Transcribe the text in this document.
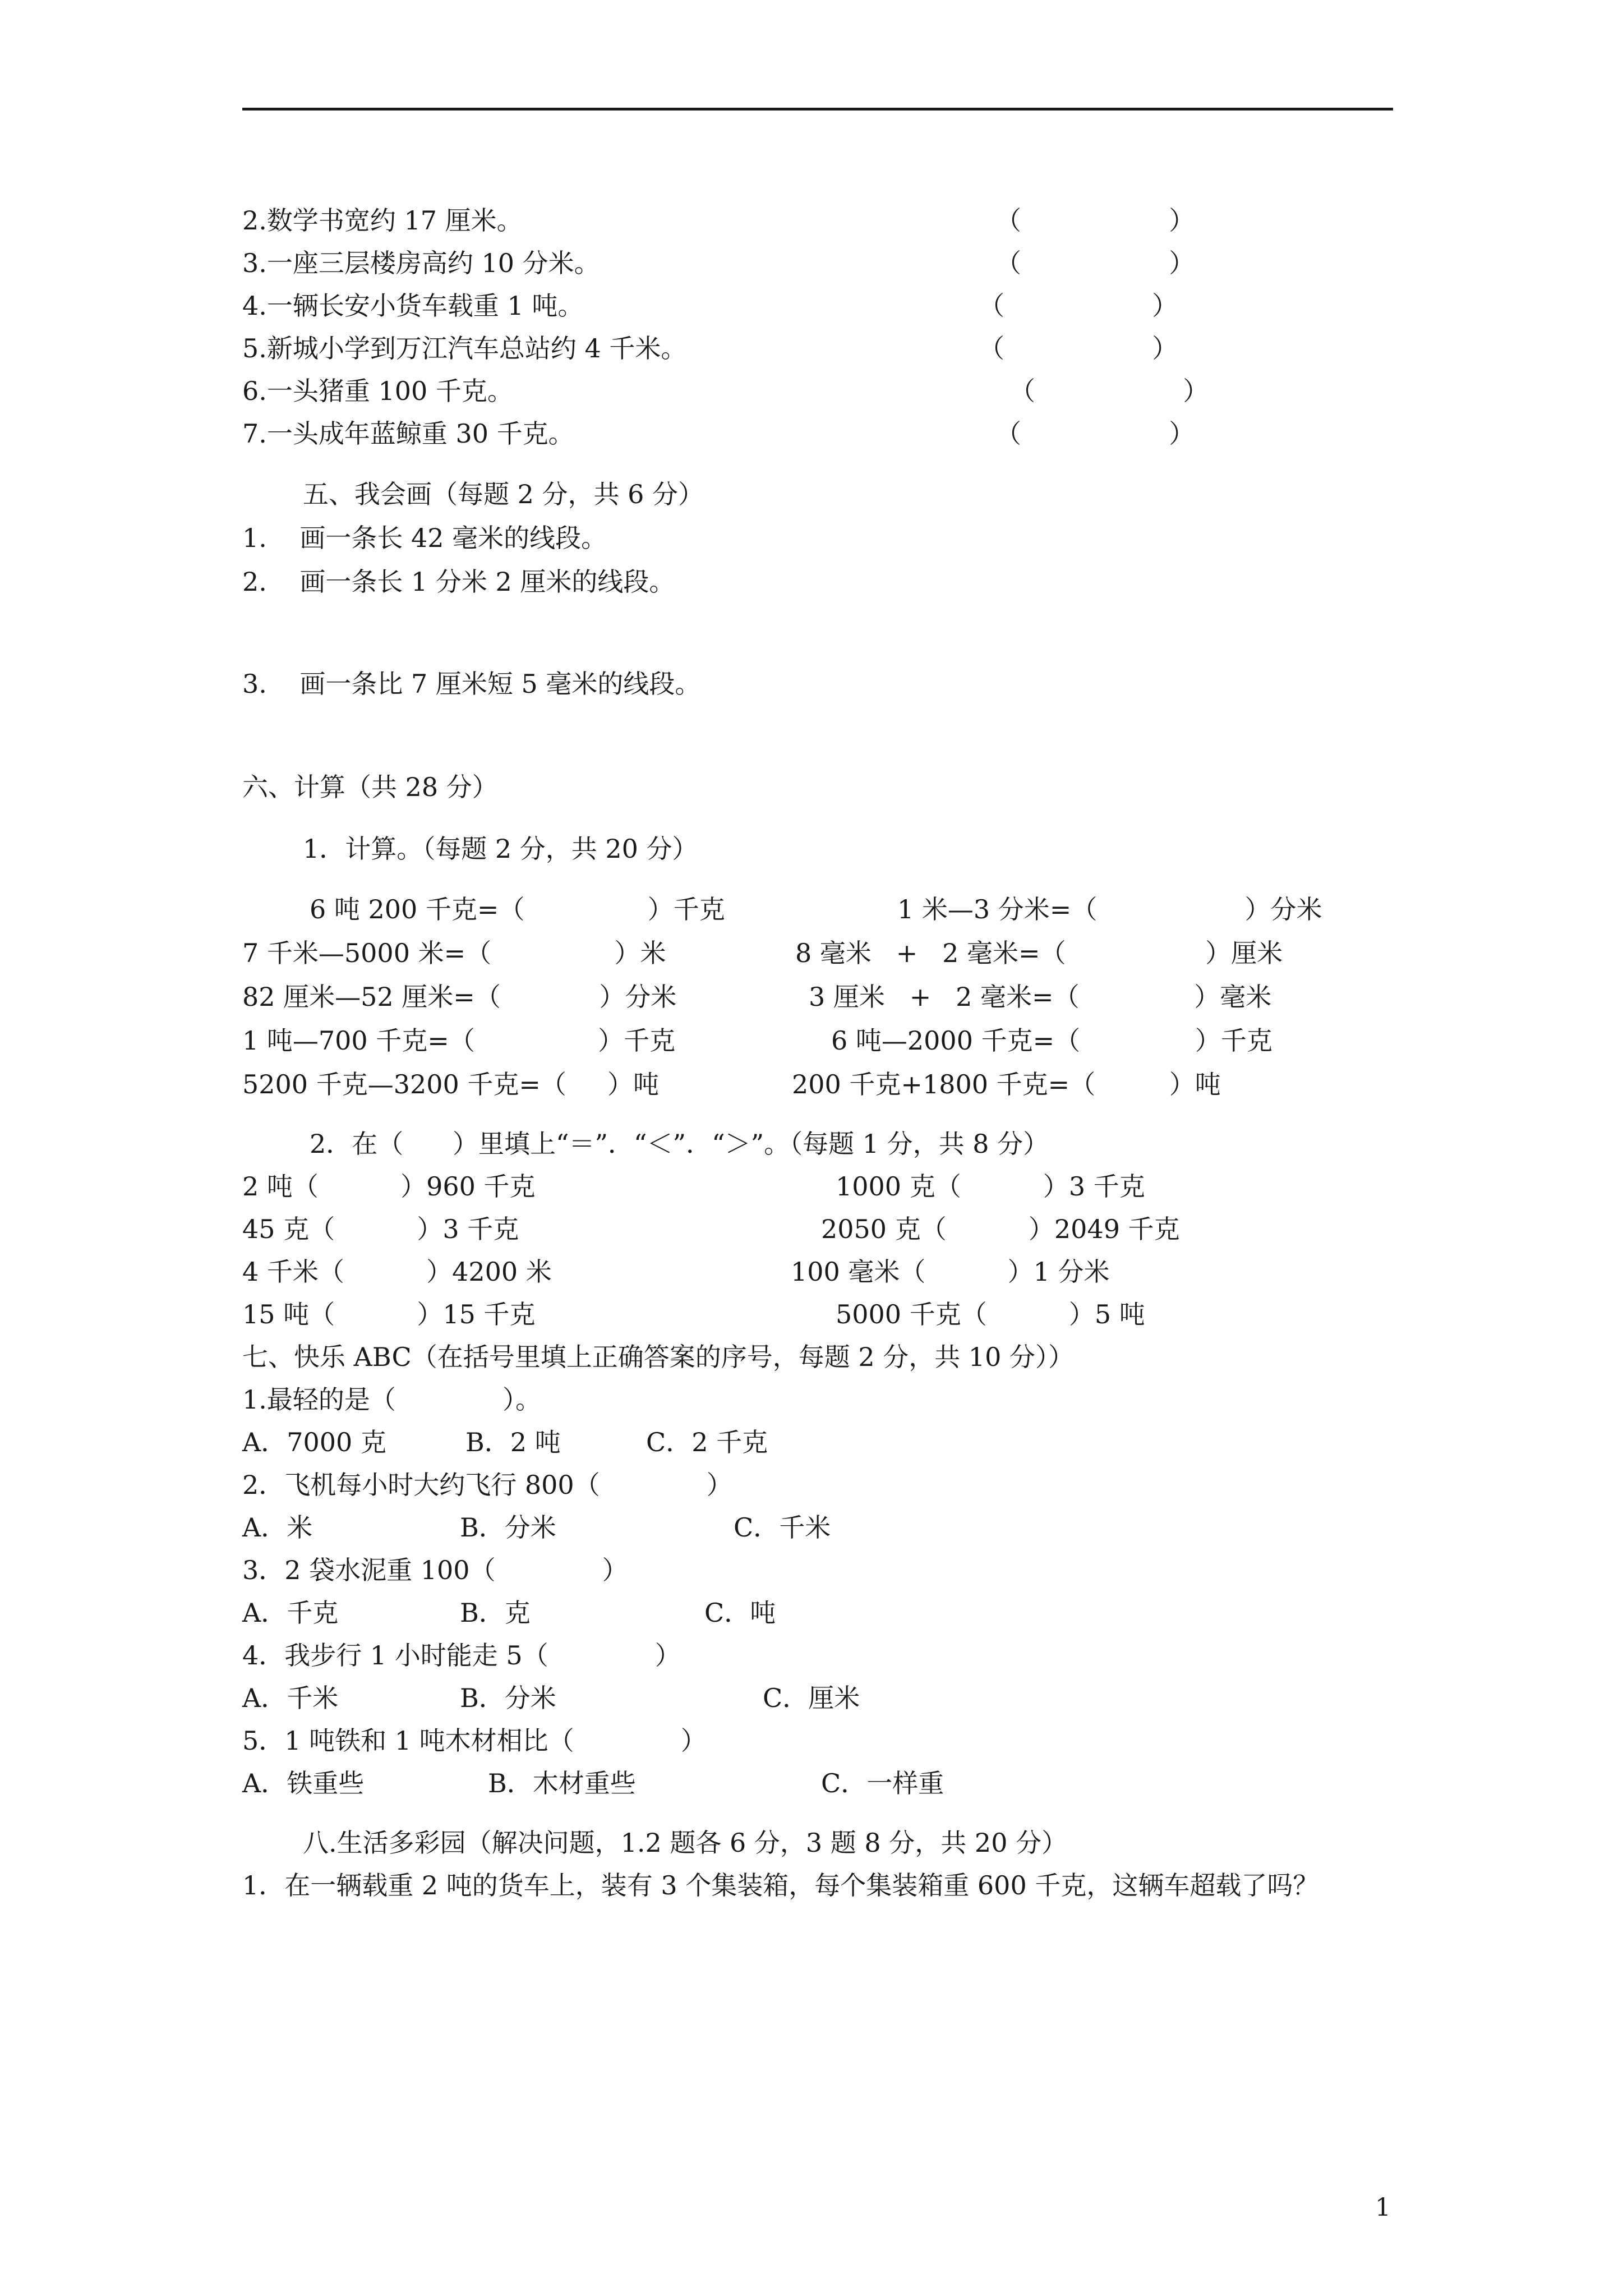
2.数学书宽约 17 厘米。	（                  ）
3.一座三层楼房高约 10 分米。	（                  ）
4.一辆长安小货车载重 1 吨。	（                  ）
5.新城小学到万江汽车总站约 4 千米。	（                  ）
6.一头猪重 100 千克。	（                  ）
7.一头成年蓝鲸重 30 千克。	（                  ）
五、我会画（每题 2 分，共 6 分）
1.    画一条长 42 毫米的线段。
2.    画一条长 1 分米 2 厘米的线段。
3.    画一条比 7 厘米短 5 毫米的线段。
六、计算（共 28 分）
1．计算。（每题 2 分，共 20 分）
6 吨 200 千克=（               ）千克	1 米—3 分米=（                  ）分米
7 千米—5000 米=（               ）米	8 毫米   +   2 毫米=（                 ）厘米
82 厘米—52 厘米=（            ）分米	3 厘米   +   2 毫米=（              ）毫米
1 吨—700 千克=（               ）千克	6 吨—2000 千克=（              ）千克
5200 千克—3200 千克=（     ）吨	200 千克+1800 千克=（         ）吨
2．在（      ）里填上“＝”．“＜”．“＞”。（每题 1 分，共 8 分）
2 吨（          ）960 千克	1000 克（          ）3 千克
45 克（          ）3 千克	2050 克（          ）2049 千克
4 千米（          ）4200 米	100 毫米（          ）1 分米
15 吨（          ）15 千克	5000 千克（          ）5 吨
七、快乐 ABC（在括号里填上正确答案的序号，每题 2 分，共 10 分））
1.最轻的是（             ）。
A．7000 克	B．2 吨	C．2 千克
2．飞机每小时大约飞行 800（             ）
A．米	B．分米	C．千米
3．2 袋水泥重 100（             ）
A．千克	B．克	C．吨
4．我步行 1 小时能走 5（             ）
A．千米	B．分米	C．厘米
5．1 吨铁和 1 吨木材相比（             ）
A．铁重些	B．木材重些	C．一样重
八.生活多彩园（解决问题，1.2 题各 6 分，3 题 8 分，共 20 分）
1．在一辆载重 2 吨的货车上，装有 3 个集装箱，每个集装箱重 600 千克，这辆车超载了吗？
1
